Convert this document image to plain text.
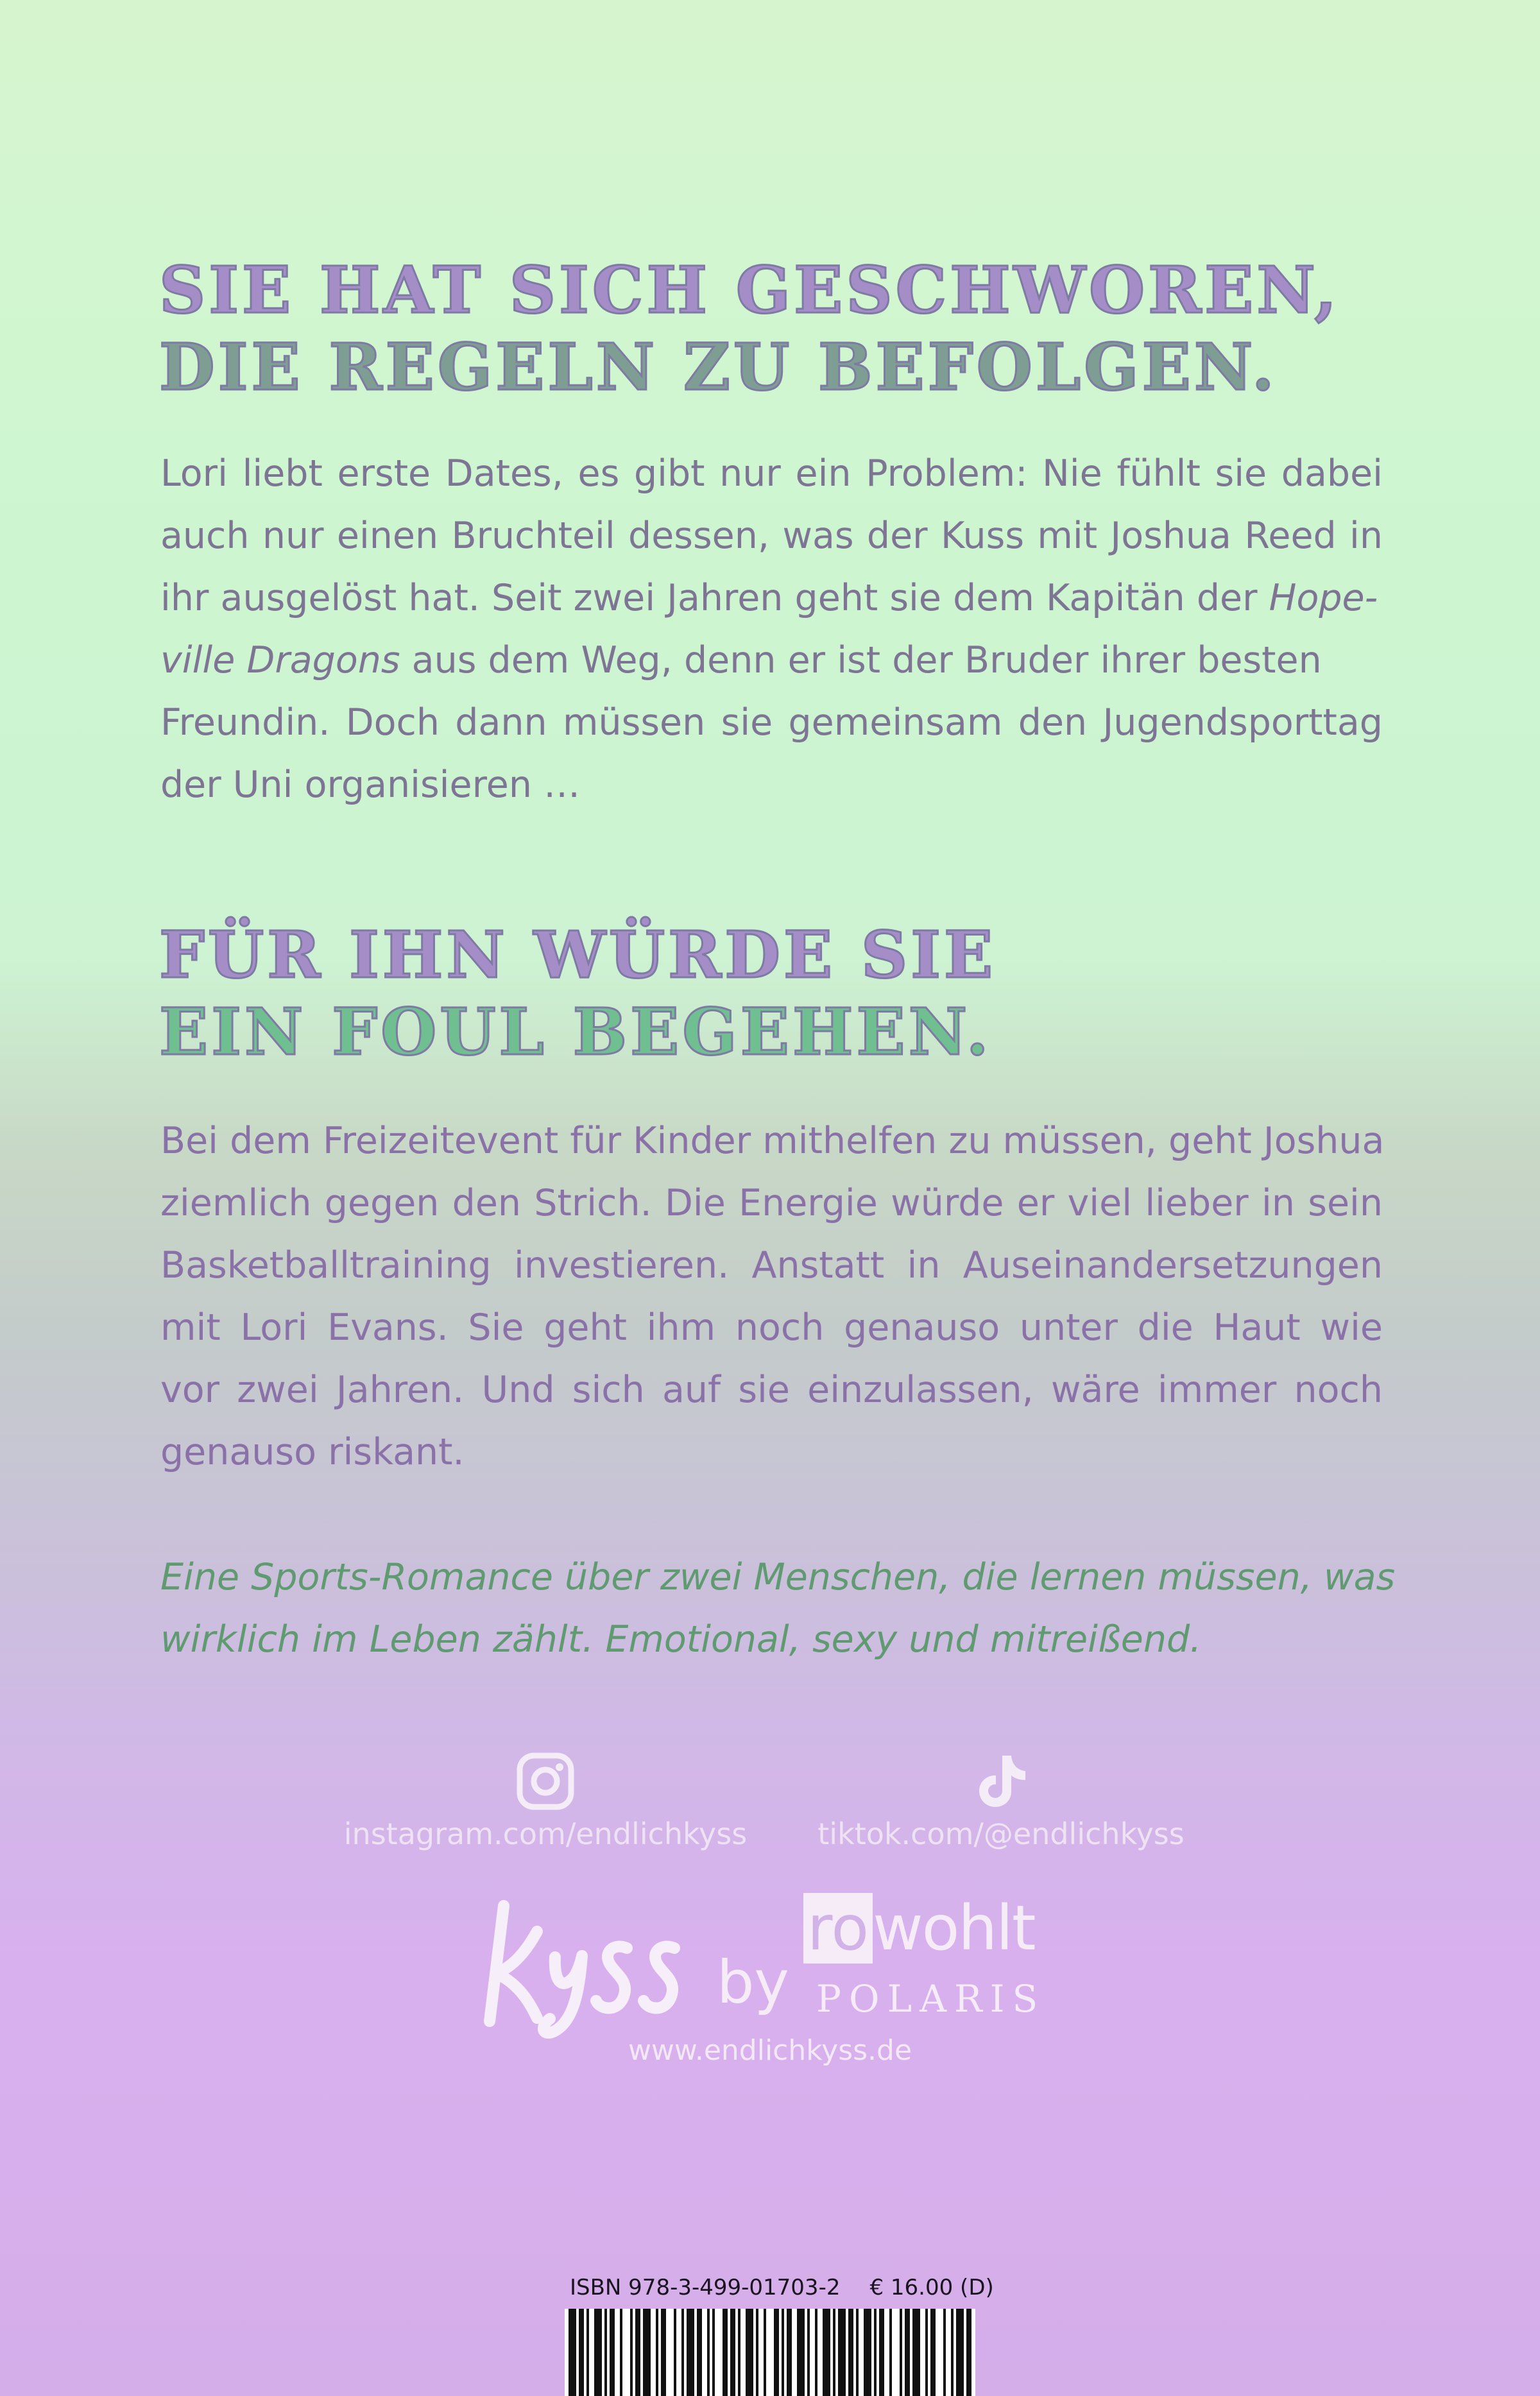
SIE HAT SICH GESCHWOREN,
DIE REGELN ZU BEFOLGEN.
Lori liebt erste Dates, es gibt nur ein Problem: Nie fühlt sie dabei
auch nur einen Bruchteil dessen, was der Kuss mit Joshua Reed in
ihr ausgelöst hat. Seit zwei Jahren geht sie dem Kapitän der Hope-
ville Dragons aus dem Weg, denn er ist der Bruder ihrer besten
Freundin. Doch dann müssen sie gemeinsam den Jugendsporttag
der Uni organisieren …
FÜR IHN WÜRDE SIE
EIN FOUL BEGEHEN.
Bei dem Freizeitevent für Kinder mithelfen zu müssen, geht Joshua
ziemlich gegen den Strich. Die Energie würde er viel lieber in sein
Basketballtraining investieren. Anstatt in Auseinandersetzungen
mit Lori Evans. Sie geht ihm noch genauso unter die Haut wie
vor zwei Jahren. Und sich auf sie einzulassen, wäre immer noch
genauso riskant.
Eine Sports-Romance über zwei Menschen, die lernen müssen, was
wirklich im Leben zählt. Emotional, sexy und mitreißend.
instagram.com/endlichkyss	tiktok.com/@endlichkyss
by
rowohlt
POLARIS
www.endlichkyss.de
ISBN 978-3-499-01703-2 € 16.00 (D)
